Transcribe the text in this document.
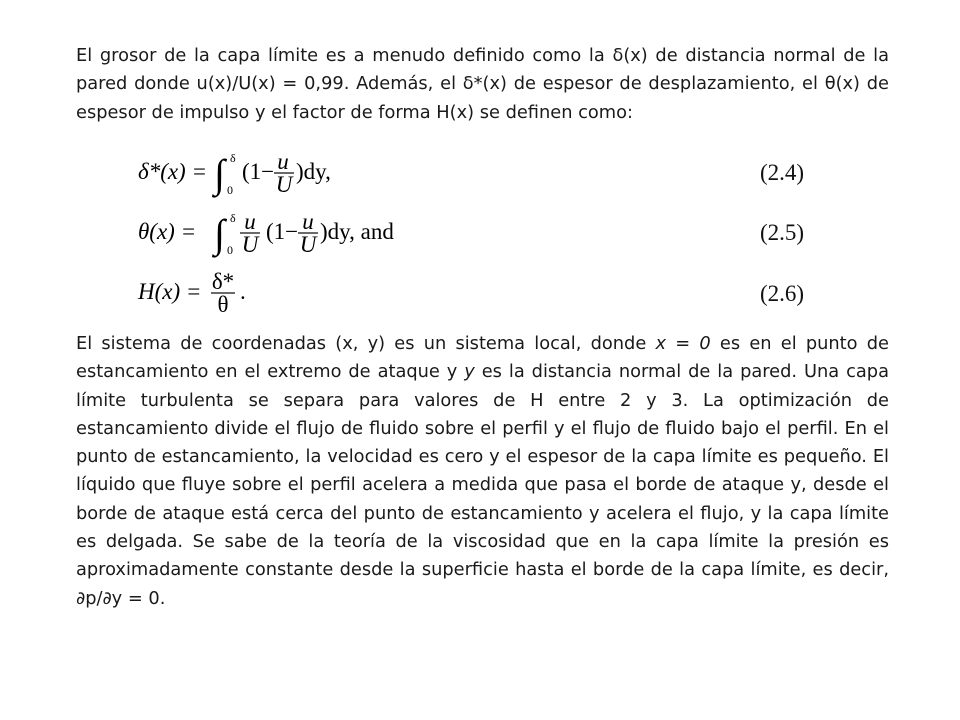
El grosor de la capa límite es a menudo definido como la δ(x) de distancia normal de la pared donde u(x)/U(x) = 0,99. Además, el δ*(x) de espesor de desplazamiento, el θ(x) de espesor de impulso y el factor de forma H(x) se definen como:

δ*(x) = ∫ δ
0
(1− u
U
)dy,	(2.4)
θ(x) = ∫ δ
0
u
U
(1− u
U
)dy, and	(2.5)
H(x) = δ*
θ
.	(2.6)

El sistema de coordenadas (x, y) es un sistema local, donde x = 0 es en el punto de estancamiento en el extremo de ataque y y es la distancia normal de la pared. Una capa límite turbulenta se separa para valores de H entre 2 y 3. La optimización de estancamiento divide el flujo de fluido sobre el perfil y el flujo de fluido bajo el perfil. En el punto de estancamiento, la velocidad es cero y el espesor de la capa límite es pequeño. El líquido que fluye sobre el perfil acelera a medida que pasa el borde de ataque y, desde el borde de ataque está cerca del punto de estancamiento y acelera el flujo, y la capa límite es delgada. Se sabe de la teoría de la viscosidad que en la capa límite la presión es aproximadamente constante desde la superficie hasta el borde de la capa límite, es decir, ∂p/∂y = 0.
